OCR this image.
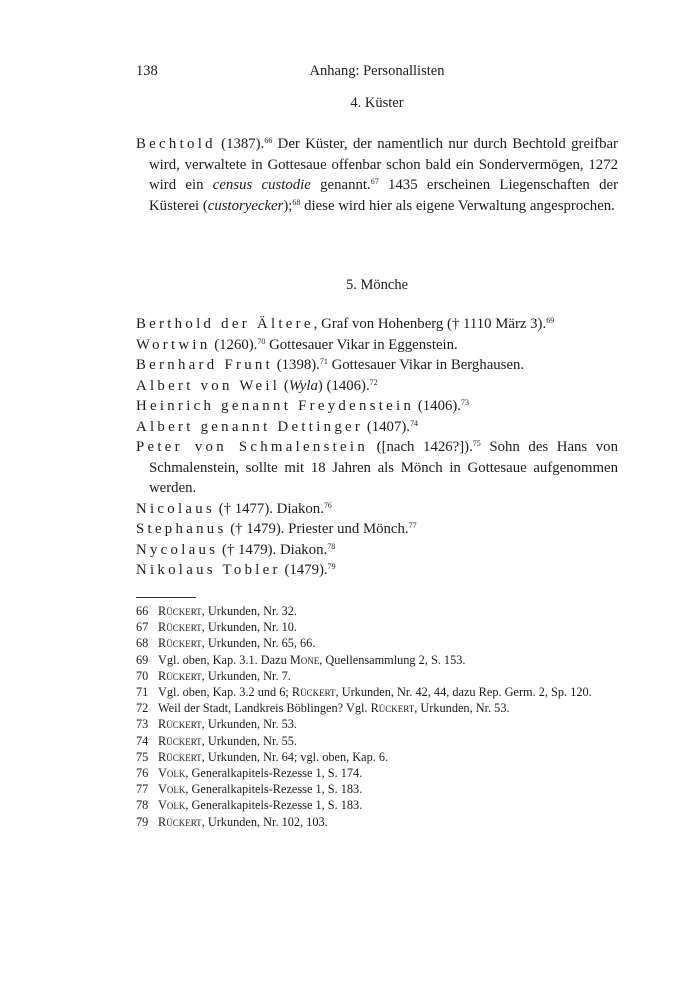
138	Anhang: Personallisten
4. Küster
Bechtold (1387).$^{66}$ Der Küster, der namentlich nur durch Bechtold greifbar wird, verwaltete in Gottesaue offenbar schon bald ein Sondervermögen, 1272 wird ein census custodie genannt.$^{67}$ 1435 erscheinen Liegenschaften der Küsterei (custoryecker);$^{68}$ diese wird hier als eigene Verwaltung angesprochen.
5. Mönche
Berthold der Ältere, Graf von Hohenberg († 1110 März 3).$^{69}$
Wortwin (1260).$^{70}$ Gottesauer Vikar in Eggenstein.
Bernhard Frunt (1398).$^{71}$ Gottesauer Vikar in Berghausen.
Albert von Weil (Wyla) (1406).$^{72}$
Heinrich genannt Freydenstein (1406).$^{73}$
Albert genannt Dettinger (1407).$^{74}$
Peter von Schmalenstein ([nach 1426?]).$^{75}$ Sohn des Hans von Schmalenstein, sollte mit 18 Jahren als Mönch in Gottesaue aufgenommen werden.
Nicolaus († 1477). Diakon.$^{76}$
Stephanus († 1479). Priester und Mönch.$^{77}$
Nycolaus († 1479). Diakon.$^{78}$
Nikolaus Tobler (1479).$^{79}$
66 Rückert, Urkunden, Nr. 32.
67 Rückert, Urkunden, Nr. 10.
68 Rückert, Urkunden, Nr. 65, 66.
69 Vgl. oben, Kap. 3.1. Dazu Mone, Quellensammlung 2, S. 153.
70 Rückert, Urkunden, Nr. 7.
71 Vgl. oben, Kap. 3.2 und 6; Rückert, Urkunden, Nr. 42, 44, dazu Rep. Germ. 2, Sp. 120.
72 Weil der Stadt, Landkreis Böblingen? Vgl. Rückert, Urkunden, Nr. 53.
73 Rückert, Urkunden, Nr. 53.
74 Rückert, Urkunden, Nr. 55.
75 Rückert, Urkunden, Nr. 64; vgl. oben, Kap. 6.
76 Volk, Generalkapitels-Rezesse 1, S. 174.
77 Volk, Generalkapitels-Rezesse 1, S. 183.
78 Volk, Generalkapitels-Rezesse 1, S. 183.
79 Rückert, Urkunden, Nr. 102, 103.
